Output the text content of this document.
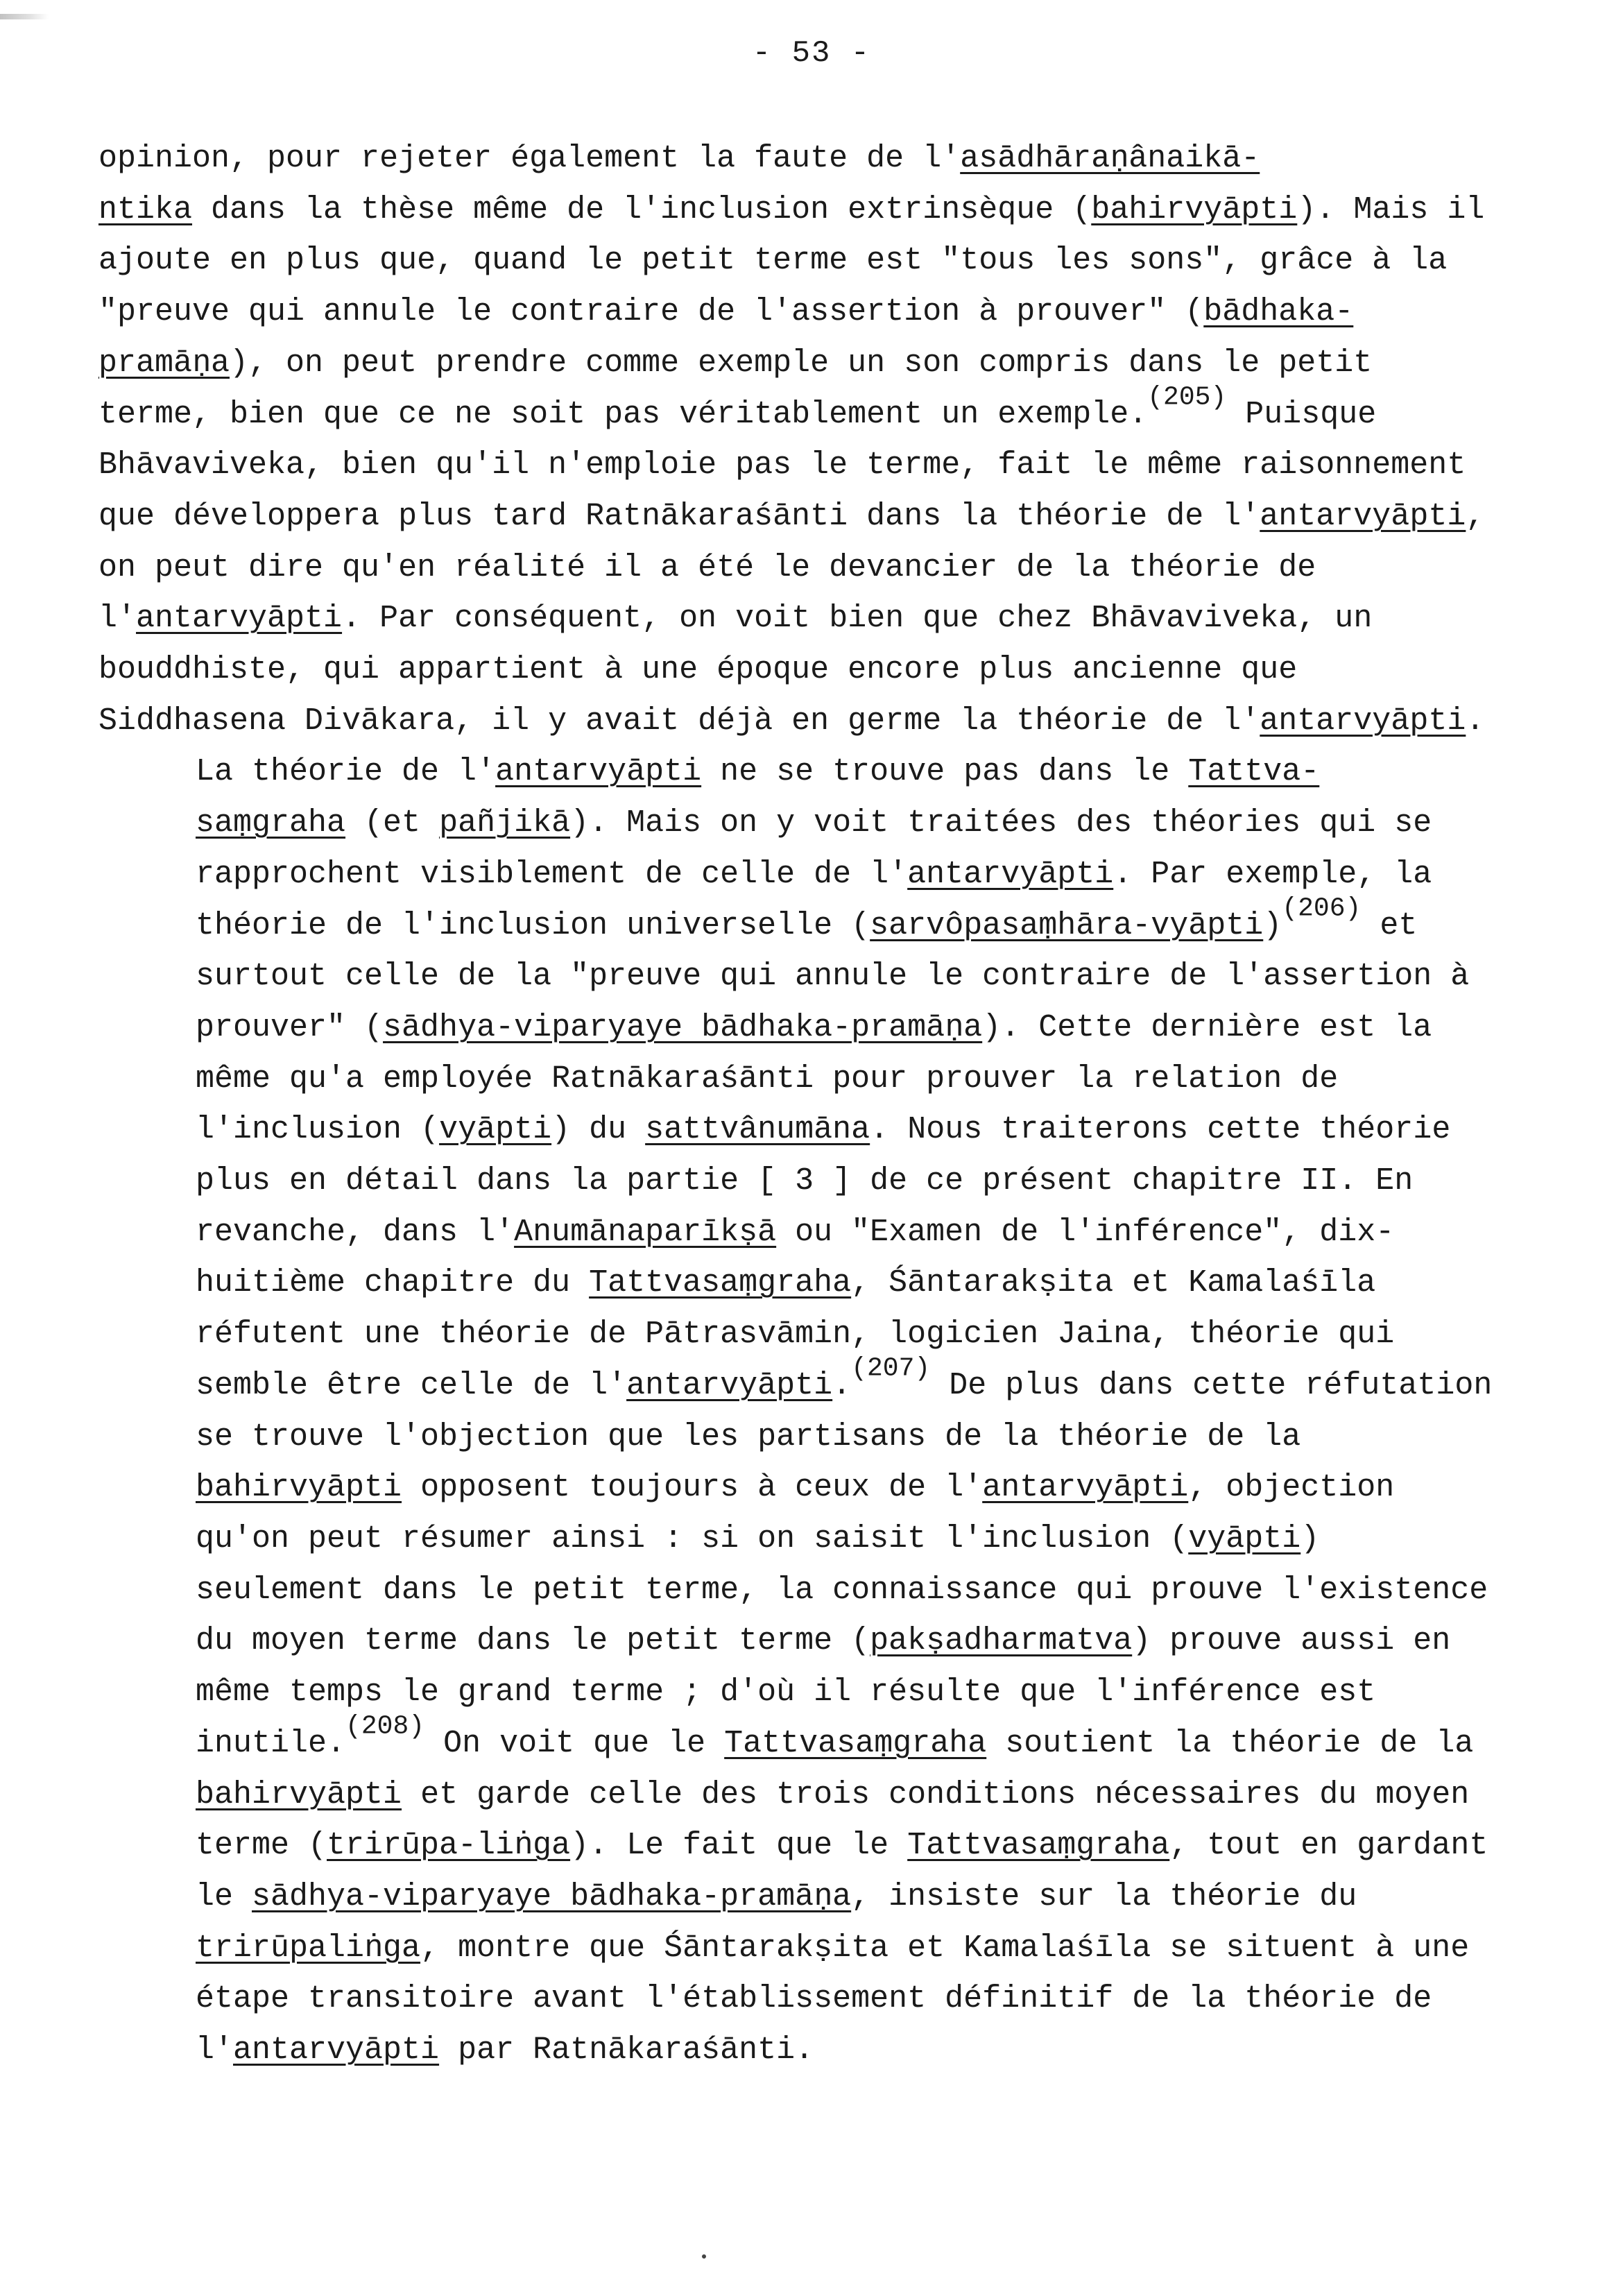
- 53 -

opinion, pour rejeter également la faute de l'asādhāraṇânaikā-
ntika dans la thèse même de l'inclusion extrinsèque (bahirvyāpti). Mais il ajoute en plus que, quand le petit terme est "tous les sons", grâce à la "preuve qui annule le contraire de l'assertion à prouver" (bādhaka-pramāṇa), on peut prendre comme exemple un son compris dans le petit terme, bien que ce ne soit pas véritablement un exemple.$^{(205)}$ Puisque Bhāvaviveka, bien qu'il n'emploie pas le terme, fait le même raisonnement que développera plus tard Ratnākaraśānti dans la théorie de l'antarvyāpti, on peut dire qu'en réalité il a été le devancier de la théorie de l'antarvyāpti. Par conséquent, on voit bien que chez Bhāvaviveka, un bouddhiste, qui appartient à une époque encore plus ancienne que Siddhasena Divākara, il y avait déjà en germe la théorie de l'antarvyāpti.

La théorie de l'antarvyāpti ne se trouve pas dans le Tattva-
saṃgraha (et pañjikā). Mais on y voit traitées des théories qui se rapprochent visiblement de celle de l'antarvyāpti. Par exemple, la théorie de l'inclusion universelle (sarvôpasaṃhāra-vyāpti)$^{(206)}$ et surtout celle de la "preuve qui annule le contraire de l'assertion à prouver" (sādhya-viparyaye bādhaka-pramāṇa). Cette dernière est la même qu'a employée Ratnākaraśānti pour prouver la relation de l'inclusion (vyāpti) du sattvânumāna. Nous traiterons cette théorie plus en détail dans la partie [ 3 ] de ce présent chapitre II. En revanche, dans l'Anumānaparīkṣā ou "Examen de l'inférence", dix-huitième chapitre du Tattvasaṃgraha, Śāntarakṣita et Kamalaśīla réfutent une théorie de Pātrasvāmin, logicien Jaina, théorie qui semble être celle de l'antarvyāpti.$^{(207)}$ De plus dans cette réfutation se trouve l'objection que les partisans de la théorie de la bahirvyāpti opposent toujours à ceux de l'antarvyāpti, objection qu'on peut résumer ainsi : si on saisit l'inclusion (vyāpti) seulement dans le petit terme, la connaissance qui prouve l'existence du moyen terme dans le petit terme (pakṣadharmatva) prouve aussi en même temps le grand terme ; d'où il résulte que l'inférence est inutile.$^{(208)}$ On voit que le Tattvasaṃgraha soutient la théorie de la bahirvyāpti et garde celle des trois conditions nécessaires du moyen terme (trirūpa-liṅga). Le fait que le Tattvasaṃgraha, tout en gardant le sādhya-viparyaye bādhaka-pramāṇa, insiste sur la théorie du trirūpaliṅga, montre que Śāntarakṣita et Kamalaśīla se situent à une étape transitoire avant l'établissement définitif de la théorie de l'antarvyāpti par Ratnākaraśānti.
